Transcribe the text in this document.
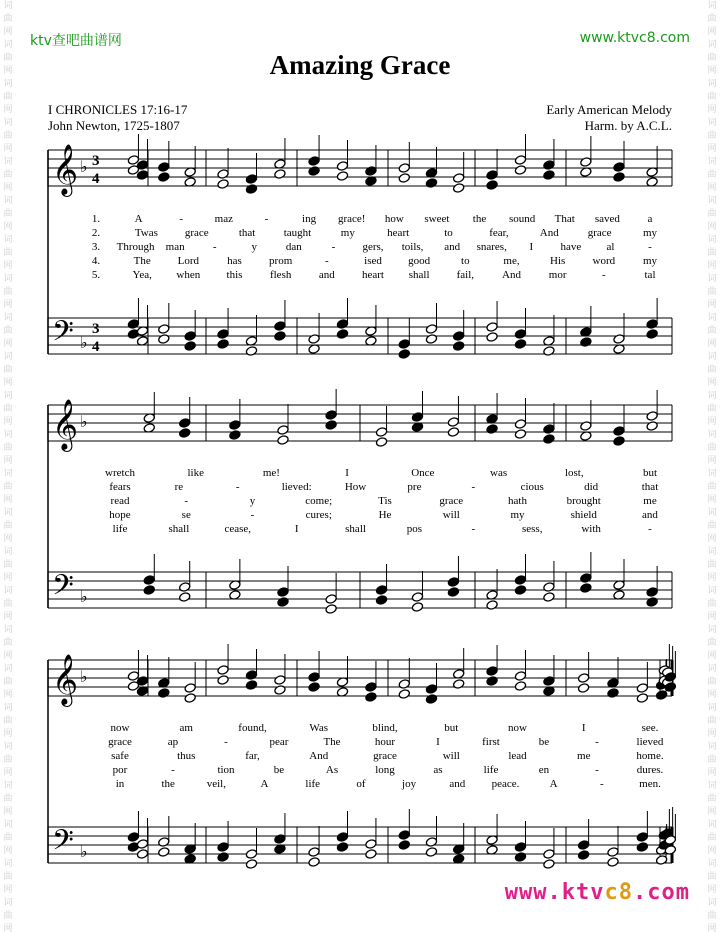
词曲网词曲网词曲网词曲网词曲网词曲网词曲网词曲网词曲网词曲网词曲网词曲网词曲网词曲网词曲网词曲网词曲网词曲网词曲网词曲网词曲网词曲网词曲网词曲网
词曲网词曲网词曲网词曲网词曲网词曲网词曲网词曲网词曲网词曲网词曲网词曲网词曲网词曲网词曲网词曲网词曲网词曲网词曲网词曲网词曲网词曲网词曲网词曲网
ktv查吧曲谱网	www.ktvc8.com
Amazing Grace
I CHRONICLES 17:16-17
John Newton, 1725-1807
Early American Melody
Harm. by A.C.L.
𝄞 ♭ 3
4
𝄢 ♭
3
4
𝄞 ♭
𝄢 ♭
𝄞 ♭
𝄢 ♭
1.	A	-	maz	-	ing grace! how sweet the sound That saved	a
2.	Twas grace	that	taught	my	heart	to	fear,	And	grace	my
3. Through man	-	y	dan	- gers, toils, and snares, I have al	-
4.	The Lord	has prom	-	ised good	to	me,	His word	my
5.	Yea, when this	flesh	and heart shall fail,	And	mor	-	tal
wretch	like	me!	I	Once	was	lost,	but
fears	re	-	lieved:	How	pre	-	cious	did	that
read	-	y	come;	Tis	grace	hath	brought	me
hope	se	-	cures;	He	will	my	shield	and
life	shall	cease,	I	shall	pos	-	sess,	with	-
now	am	found,	Was	blind,	but	now	I	see.
grace	ap	-	pear	The	hour	I	first	be	-	lieved
safe	thus	far,	And	grace	will	lead	me	home.
por	-	tion	be	As	long	as	life	en	-	dures.
in	the	veil,	A	life	of	joy	and peace.	A	-	men.
www.ktvc8.com
